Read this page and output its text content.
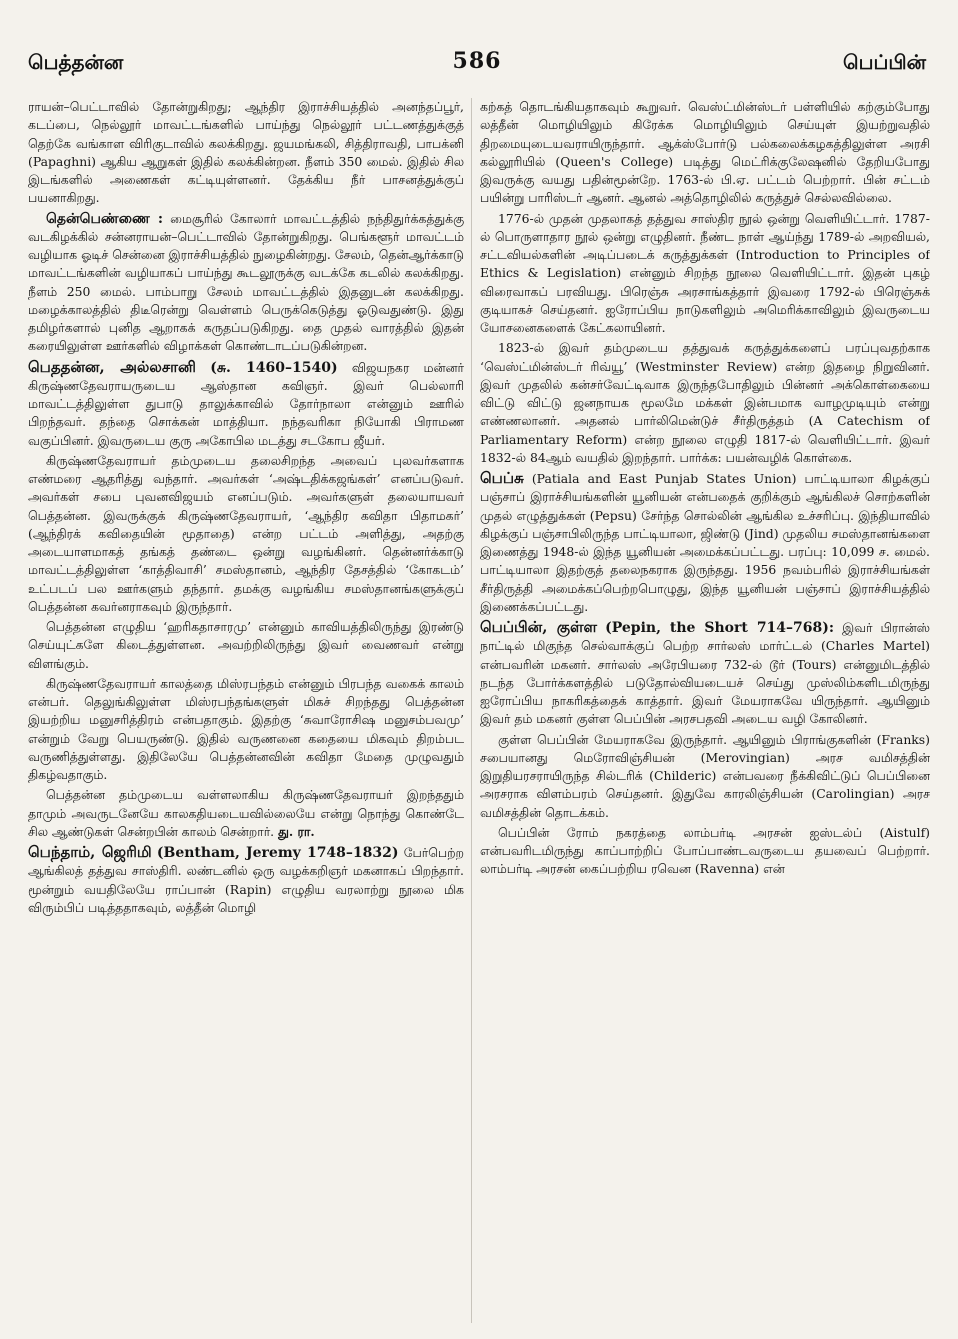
பெத்தன்ன	586	பெப்பின்

ராயன்–பெட்டாவில் தோன்றுகிறது; ஆந்திர இராச்சியத்தில் அனந்தப்பூர், கடப்பை, நெல்லூர் மாவட்டங்களில் பாய்ந்து நெல்லூர் பட்டணத்துக்குத் தெற்கே வங்காள விரிகுடாவில் கலக்கிறது. ஜயமங்கலி, சித்திராவதி, பாபக்னி (Papaghni) ஆகிய ஆறுகள் இதில் கலக்கின்றன. நீளம் 350 மைல். இதில் சில இடங்களில் அணைகள் கட்டியுள்ளனர். தேக்கிய நீர் பாசனத்துக்குப் பயனாகிறது.

தென்பெண்ணை : மைசூரில் கோலார் மாவட்டத்தில் நந்திதுர்க்கத்துக்கு வடகிழக்கில் சன்னராயன்–பெட்டாவில் தோன்றுகிறது. பெங்களூர் மாவட்டம் வழியாக ஓடிச் சென்னை இராச்சியத்தில் நுழைகின்றது. சேலம், தென்ஆர்க்காடு மாவட்டங்களின் வழியாகப் பாய்ந்து கூடலூருக்கு வடக்கே கடலில் கலக்கிறது. நீளம் 250 மைல். பாம்பாறு சேலம் மாவட்டத்தில் இதனுடன் கலக்கிறது. மழைக்காலத்தில் திடீரென்று வெள்ளம் பெருக்கெடுத்து ஓடுவதுண்டு. இது தமிழர்களால் புனித ஆறாகக் கருதப்படுகிறது. தை முதல் வாரத்தில் இதன் கரையிலுள்ள ஊர்களில் விழாக்கள் கொண்டாடப்படுகின்றன.

பெததன்ன, அல்லசானி (சு. 1460–1540) விஜயநகர மன்னர் கிருஷ்ணதேவராயருடைய ஆஸ்தான கவிஞர். இவர் பெல்லாரி மாவட்டத்திலுள்ள துபாடு தாலுக்காவில் தோர்நாலா என்னும் ஊரில் பிறந்தவர். தந்தை சொக்கன் மாத்தியா. நந்தவரிகா நியோகி பிராமண வகுப்பினர். இவருடைய குரு அகோபில மடத்து சடகோப ஜீயர்.

கிருஷ்ணதேவராயர் தம்முடைய தலைசிறந்த அவைப் புலவர்களாக எண்மரை ஆதரித்து வந்தார். அவர்கள் ‘அஷ்டதிக்கஜங்கள்’ எனப்படுவர். அவர்கள் சபை புவனவிஜயம் எனப்படும். அவர்களுள் தலையாயவர் பெத்தன்ன. இவருக்குக் கிருஷ்ணதேவராயர், ‘ஆந்திர கவிதா பிதாமகர்’ (ஆந்திரக் கவிதையின் மூதாதை) என்ற பட்டம் அளித்து, அதற்கு அடையாளமாகத் தங்கத் தண்டை ஒன்று வழங்கினர். தென்னர்க்காடு மாவட்டத்திலுள்ள ‘காத்திவாசி’ சமஸ்தானம், ஆந்திர தேசத்தில் ‘கோகடம்’ உட்படப் பல ஊர்களும் தந்தார். தமக்கு வழங்கிய சமஸ்தானங்களுக்குப் பெத்தன்ன கவர்னராகவும் இருந்தார்.

பெத்தன்ன எழுதிய ‘ஹரிகதாசாரமு’ என்னும் காவியத்திலிருந்து இரண்டு செய்யுட்களே கிடைத்துள்ளன. அவற்றிலிருந்து இவர் வைணவர் என்று விளங்கும்.

கிருஷ்ணதேவராயர் காலத்தை மிஸ்ரபந்தம் என்னும் பிரபந்த வகைக் காலம் என்பர். தெலுங்கிலுள்ள மிஸ்ரபந்தங்களுள் மிகச் சிறந்தது பெத்தன்ன இயற்றிய மனுசரித்திரம் என்பதாகும். இதற்கு ‘சுவாரோசிஷ மனுசம்பவமு’ என்றும் வேறு பெயருண்டு. இதில் வருணனை கதையை மிகவும் திறம்பட வருணித்துள்ளது. இதிலேயே பெத்தன்னவின் கவிதா மேதை முழுவதும் திகழ்வதாகும்.

பெத்தன்ன தம்முடைய வள்ளலாகிய கிருஷ்ணதேவராயர் இறந்ததும் தாமும் அவருடனேயே காலகதியடையவில்லையே என்று நொந்து கொண்டே சில ஆண்டுகள் சென்றபின் காலம் சென்றார். து. ரா.

பெந்தாம், ஜெரிமி (Bentham, Jeremy 1748–1832) பேர்பெற்ற ஆங்கிலத் தத்துவ சாஸ்திரி. லண்டனில் ஒரு வழக்கறிஞர் மகனாகப் பிறந்தார். மூன்றும் வயதிலேயே ராப்பான் (Rapin) எழுதிய வரலாற்று நூலை மிக விரும்பிப் படித்ததாகவும், லத்தீன் மொழி

கற்கத் தொடங்கியதாகவும் கூறுவர். வெஸ்ட்மின்ஸ்டர் பள்ளியில் கற்கும்போது லத்தீன் மொழியிலும் கிரேக்க மொழியிலும் செய்யுள் இயற்றுவதில் திறமையுடையவராயிருந்தார். ஆக்ஸ்போர்டு பல்கலைக்கழகத்திலுள்ள அரசி கல்லூரியில் (Queen's College) படித்து மெட்ரிக்குலேஷனில் தேறியபோது இவருக்கு வயது பதின்மூன்றே. 1763-ல் பி.ஏ. பட்டம் பெற்றார். பின் சட்டம் பயின்று பாரிஸ்டர் ஆனர். ஆனல் அத்தொழிலில் கருத்துச் செல்லவில்லை.

1776-ல் முதன் முதலாகத் தத்துவ சாஸ்திர நூல் ஒன்று வெளியிட்டார். 1787-ல் பொருளாதார நூல் ஒன்று எழுதினர். நீண்ட நாள் ஆய்ந்து 1789-ல் அறவியல், சட்டவியல்களின் அடிப்படைக் கருத்துக்கள் (Introduction to Principles of Ethics & Legislation) என்னும் சிறந்த நூலை வெளியிட்டார். இதன் புகழ் விரைவாகப் பரவியது. பிரெஞ்சு அரசாங்கத்தார் இவரை 1792-ல் பிரெஞ்சுக் குடியாகச் செய்தனர். ஐரோப்பிய நாடுகளிலும் அமெரிக்காவிலும் இவருடைய யோசனைகளைக் கேட்கலாயினர்.

1823-ல் இவர் தம்முடைய தத்துவக் கருத்துக்களைப் பரப்புவதற்காக ‘வெஸ்ட்மின்ஸ்டர் ரிவ்யூ’ (Westminster Review) என்ற இதழை நிறுவினர். இவர் முதலில் கன்சர்வேட்டிவாக இருந்தபோதிலும் பின்னர் அக்கொள்கையை விட்டு விட்டு ஜனநாயக மூலமே மக்கள் இன்பமாக வாழமுடியும் என்று எண்ணலானர். அதனல் பார்லிமென்டுச் சீர்திருத்தம் (A Catechism of Parliamentary Reform) என்ற நூலை எழுதி 1817-ல் வெளியிட்டார். இவர் 1832-ல் 84ஆம் வயதில் இறந்தார். பார்க்க: பயன்வழிக் கொள்கை.

பெப்சு (Patiala and East Punjab States Union) பாட்டியாலா கிழக்குப் பஞ்சாப் இராச்சியங்களின் யூனியன் என்பதைக் குறிக்கும் ஆங்கிலச் சொற்களின் முதல் எழுத்துக்கள் (Pepsu) சேர்ந்த சொல்லின் ஆங்கில உச்சரிப்பு. இந்தியாவில் கிழக்குப் பஞ்சாபிலிருந்த பாட்டியாலா, ஜிண்டு (Jind) முதலிய சமஸ்தானங்களை இணைத்து 1948-ல் இந்த யூனியன் அமைக்கப்பட்டது. பரப்பு: 10,099 ச. மைல். பாட்டியாலா இதற்குத் தலைநகராக இருந்தது. 1956 நவம்பரில் இராச்சியங்கள் சீர்திருத்தி அமைக்கப்பெற்றபொழுது, இந்த யூனியன் பஞ்சாப் இராச்சியத்தில் இணைக்கப்பட்டது.

பெப்பின், குள்ள (Pepin, the Short 714–768): இவர் பிரான்ஸ் நாட்டில் மிகுந்த செல்வாக்குப் பெற்ற சார்லஸ் மார்ட்டல் (Charles Martel) என்பவரின் மகனர். சார்லஸ் அரேபியரை 732-ல் டூர் (Tours) என்னுமிடத்தில் நடந்த போர்க்களத்தில் படுதோல்வியடையச் செய்து முஸ்லிம்களிடமிருந்து ஐரோப்பிய நாகரிகத்தைக் காத்தார். இவர் மேயராகவே யிருந்தார். ஆயினும் இவர் தம் மகனர் குள்ள பெப்பின் அரசபதவி அடைய வழி கோலினர்.

குள்ள பெப்பின் மேயராகவே இருந்தார். ஆயினும் பிராங்குகளின் (Franks) சபையானது மெரோவிஞ்சியன் (Merovingian) அரச வமிசத்தின் இறுதியரசராயிருந்த சில்டரிக் (Childeric) என்பவரை நீக்கிவிட்டுப் பெப்பினை அரசராக விளம்பரம் செய்தனர். இதுவே காரலிஞ்சியன் (Carolingian) அரச வமிசத்தின் தொடக்கம்.

பெப்பின் ரோம் நகரத்தை லாம்பர்டி அரசன் ஐஸ்டல்ப் (Aistulf) என்பவரிடமிருந்து காப்பாற்றிப் போப்பாண்டவருடைய தயவைப் பெற்றார். லாம்பர்டி அரசன் கைப்பற்றிய ரவென (Ravenna) என்
